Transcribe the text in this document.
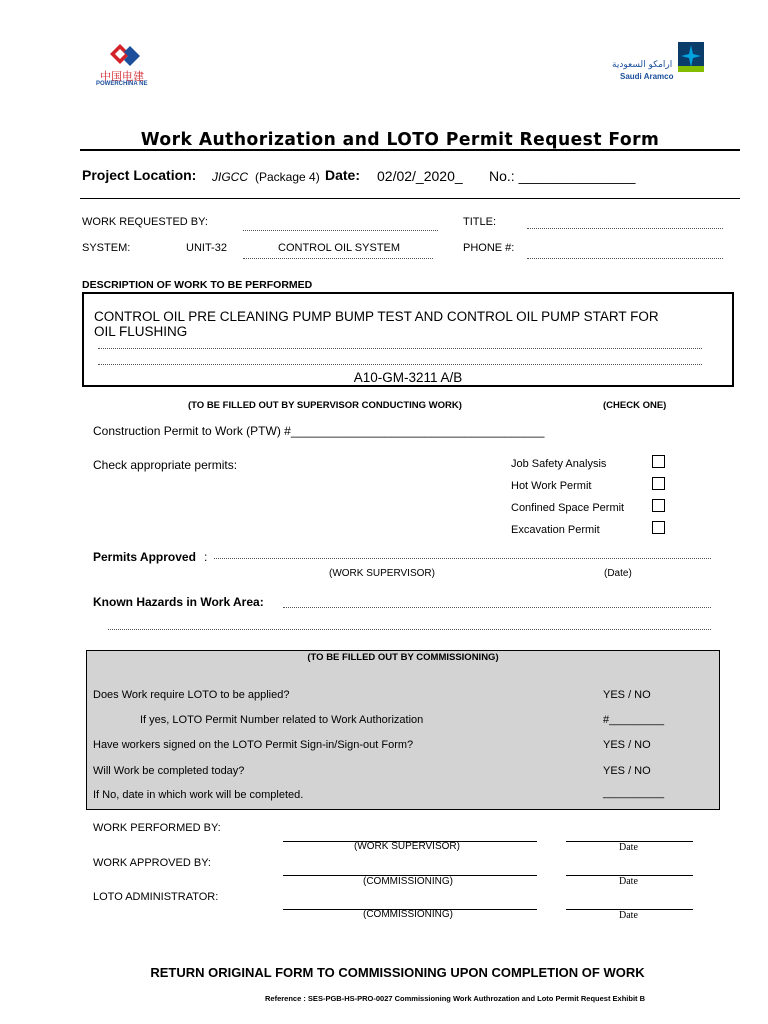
中国电建
POWERCHINA NE
ارامكو السعودية
Saudi Aramco
Work Authorization and LOTO Permit Request Form
Project Location: JIGCC (Package 4) Date: 02/02/_2020_ No.: _______________
WORK REQUESTED BY:	TITLE:
SYSTEM:	UNIT-32	CONTROL OIL SYSTEM	PHONE #:
DESCRIPTION OF WORK TO BE PERFORMED
CONTROL OIL PRE CLEANING PUMP BUMP TEST AND CONTROL OIL PUMP START FOR
OIL FLUSHING
A10-GM-3211 A/B
(TO BE FILLED OUT BY SUPERVISOR CONDUCTING WORK)	(CHECK ONE)
Construction Permit to Work (PTW) #______________________________________
Check appropriate permits:	Job Safety Analysis
Hot Work Permit
Confined Space Permit
Excavation Permit
Permits Approved :
(WORK SUPERVISOR)	(Date)
Known Hazards in Work Area:
(TO BE FILLED OUT BY COMMISSIONING)
Does Work require LOTO to be applied?	YES / NO
If yes, LOTO Permit Number related to Work Authorization	#_________
Have workers signed on the LOTO Permit Sign-in/Sign-out Form?	YES / NO
Will Work be completed today?	YES / NO
If No, date in which work will be completed.	__________
WORK PERFORMED BY:
(WORK SUPERVISOR)	Date
WORK APPROVED BY:
(COMMISSIONING)	Date
LOTO ADMINISTRATOR:
(COMMISSIONING)	Date
RETURN ORIGINAL FORM TO COMMISSIONING UPON COMPLETION OF WORK
Reference : SES-PGB-HS-PRO-0027 Commissioning Work Authrozation and Loto Permit Request Exhibit B
